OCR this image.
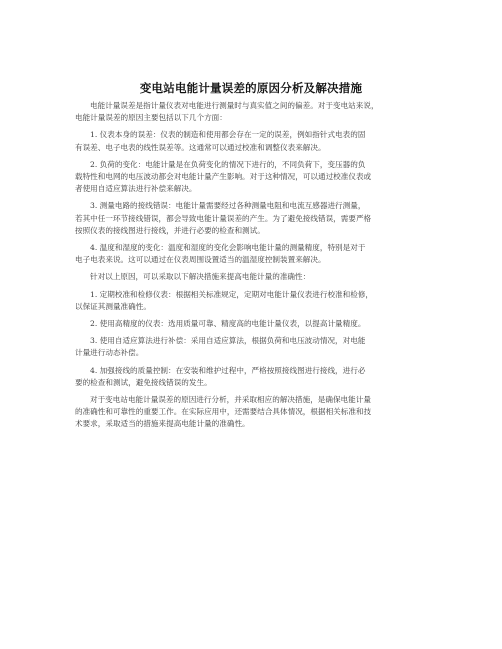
变电站电能计量误差的原因分析及解决措施

电能计量误差是指计量仪表对电能进行测量时与真实值之间的偏差。对于变电站来说，
电能计量误差的原因主要包括以下几个方面：

1. 仪表本身的误差：仪表的制造和使用都会存在一定的误差，例如指针式电表的固
有误差、电子电表的线性误差等。这通常可以通过校准和调整仪表来解决。

2. 负荷的变化：电能计量是在负荷变化的情况下进行的，不同负荷下，变压器的负
载特性和电网的电压波动都会对电能计量产生影响。对于这种情况，可以通过校准仪表或
者使用自适应算法进行补偿来解决。

3. 测量电路的接线错误：电能计量需要经过各种测量电阻和电流互感器进行测量，
若其中任一环节接线错误，都会导致电能计量误差的产生。为了避免接线错误，需要严格
按照仪表的接线图进行接线，并进行必要的检查和测试。

4. 温度和湿度的变化：温度和湿度的变化会影响电能计量的测量精度，特别是对于
电子电表来说。这可以通过在仪表周围设置适当的温湿度控制装置来解决。

针对以上原因，可以采取以下解决措施来提高电能计量的准确性：

1. 定期校准和检修仪表：根据相关标准规定，定期对电能计量仪表进行校准和检修，
以保证其测量准确性。

2. 使用高精度的仪表：选用质量可靠、精度高的电能计量仪表，以提高计量精度。

3. 使用自适应算法进行补偿：采用自适应算法，根据负荷和电压波动情况，对电能
计量进行动态补偿。

4. 加强接线的质量控制：在安装和维护过程中，严格按照接线图进行接线，进行必
要的检查和测试，避免接线错误的发生。

对于变电站电能计量误差的原因进行分析，并采取相应的解决措施，是确保电能计量
的准确性和可靠性的重要工作。在实际应用中，还需要结合具体情况，根据相关标准和技
术要求，采取适当的措施来提高电能计量的准确性。
